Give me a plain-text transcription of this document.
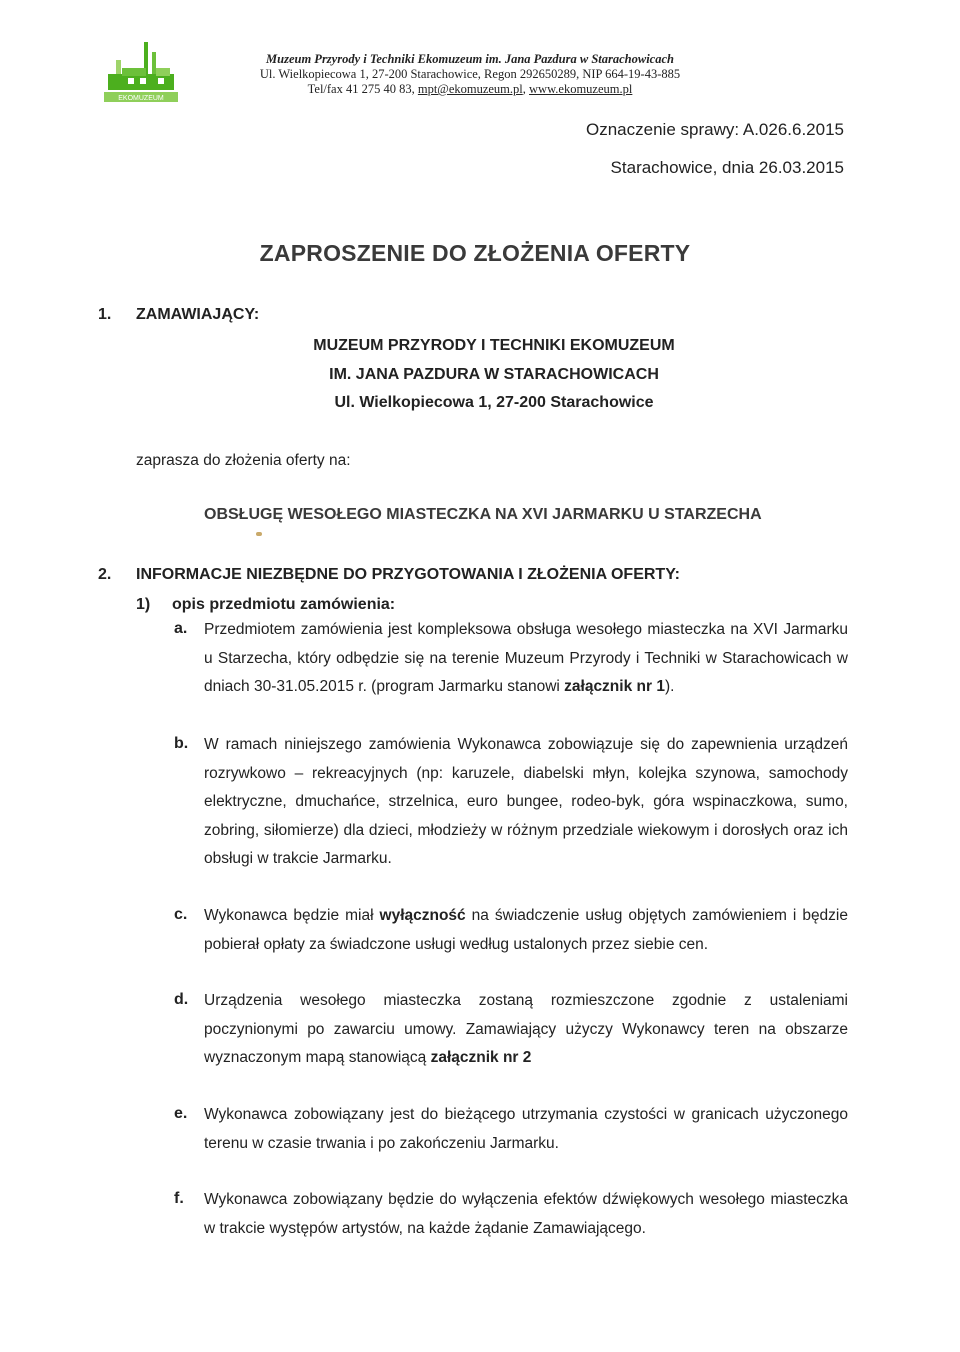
EKOMUZEUM
Muzeum Przyrody i Techniki Ekomuzeum im. Jana Pazdura w Starachowicach
Ul. Wielkopiecowa 1, 27-200 Starachowice, Regon 292650289, NIP 664-19-43-885
Tel/fax 41 275 40 83, mpt@ekomuzeum.pl, www.ekomuzeum.pl
Oznaczenie sprawy: A.026.6.2015
Starachowice, dnia 26.03.2015
ZAPROSZENIE DO ZŁOŻENIA OFERTY
1. ZAMAWIAJĄCY:
MUZEUM PRZYRODY I TECHNIKI EKOMUZEUM
IM. JANA PAZDURA W STARACHOWICACH
Ul. Wielkopiecowa 1, 27-200 Starachowice
zaprasza do złożenia oferty na:
OBSŁUGĘ WESOŁEGO MIASTECZKA NA XVI JARMARKU U STARZECHA
2. INFORMACJE NIEZBĘDNE DO PRZYGOTOWANIA I ZŁOŻENIA OFERTY:
1) opis przedmiotu zamówienia:
a. Przedmiotem zamówienia jest kompleksowa obsługa wesołego miasteczka na XVI Jarmarku u Starzecha, który odbędzie się na terenie Muzeum Przyrody i Techniki w Starachowicach w dniach 30-31.05.2015 r. (program Jarmarku stanowi załącznik nr 1).
b. W ramach niniejszego zamówienia Wykonawca zobowiązuje się do zapewnienia urządzeń rozrywkowo – rekreacyjnych (np: karuzele, diabelski młyn, kolejka szynowa, samochody elektryczne, dmuchańce, strzelnica, euro bungee, rodeo-byk, góra wspinaczkowa, sumo, zobring, siłomierze) dla dzieci, młodzieży w różnym przedziale wiekowym i dorosłych oraz ich obsługi w trakcie Jarmarku.
c. Wykonawca będzie miał wyłączność na świadczenie usług objętych zamówieniem i będzie pobierał opłaty za świadczone usługi według ustalonych przez siebie cen.
d. Urządzenia wesołego miasteczka zostaną rozmieszczone zgodnie z ustaleniami poczynionymi po zawarciu umowy. Zamawiający użyczy Wykonawcy teren na obszarze wyznaczonym mapą stanowiącą załącznik nr 2
e. Wykonawca zobowiązany jest do bieżącego utrzymania czystości w granicach użyczonego terenu w czasie trwania i po zakończeniu Jarmarku.
f. Wykonawca zobowiązany będzie do wyłączenia efektów dźwiękowych wesołego miasteczka w trakcie występów artystów, na każde żądanie Zamawiającego.
